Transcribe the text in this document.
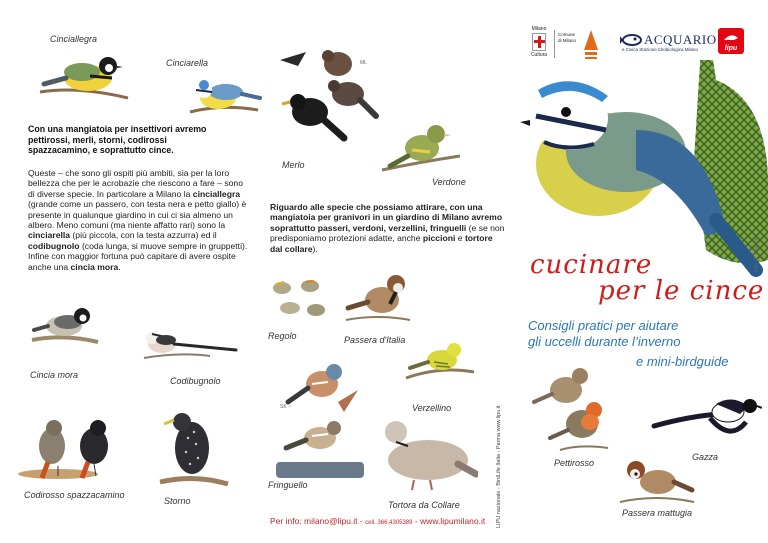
Cinciallegra
Cinciarella
Con una mangiatoia per insettivori avremo pettirossi, merli, storni, codirossi spazzacamino, e soprattutto cince.
Queste – che sono gli ospiti più ambiti, sia per la loro bellezza che per le acrobazie che riescono a fare – sono di diverse specie. In particolare a Milano la cinciallegra (grande come un passero, con testa nera e petto giallo) è presente in qualunque giardino in cui ci sia almeno un albero. Meno comuni (ma niente affatto rari) sono la cinciarella (più piccola, con la testa azzurra) ed il codibugnolo (coda lunga, si muove sempre in gruppetti). Infine con maggior fortuna può capitare di avere ospite anche una cincia mora.
Cincia mora
Codibugnolo
Codirosso spazzacamino
Storno
ML
Merlo
Verdone
Riguardo alle specie che possiamo attirare, con una mangiatoia per granivori in un giardino di Milano avremo soprattutto passeri, verdoni, verzellini, fringuelli (e se non predisponiamo protezioni adatte, anche piccioni e tortore dal collare).
Regolo	Passera d'Italia
Verzellino
SK ♂
Fringuello
Tortora da Collare
Per info: milano@lipu.it - cell. 366.4305389 - www.lipumilano.it LIPU nazionale - BirdLife Italia - Parma www.lipu.it
Milano
Cultura
Comune
di Milano	ACQUARIO
e Civica Stazione Idrobiologica Milano	lipu
foto R. Bianchi
cucinare
per le cince
Consigli pratici per aiutare
gli uccelli durante l’inverno
e mini-birdguide
Pettirosso
Gazza
Passera mattugia
